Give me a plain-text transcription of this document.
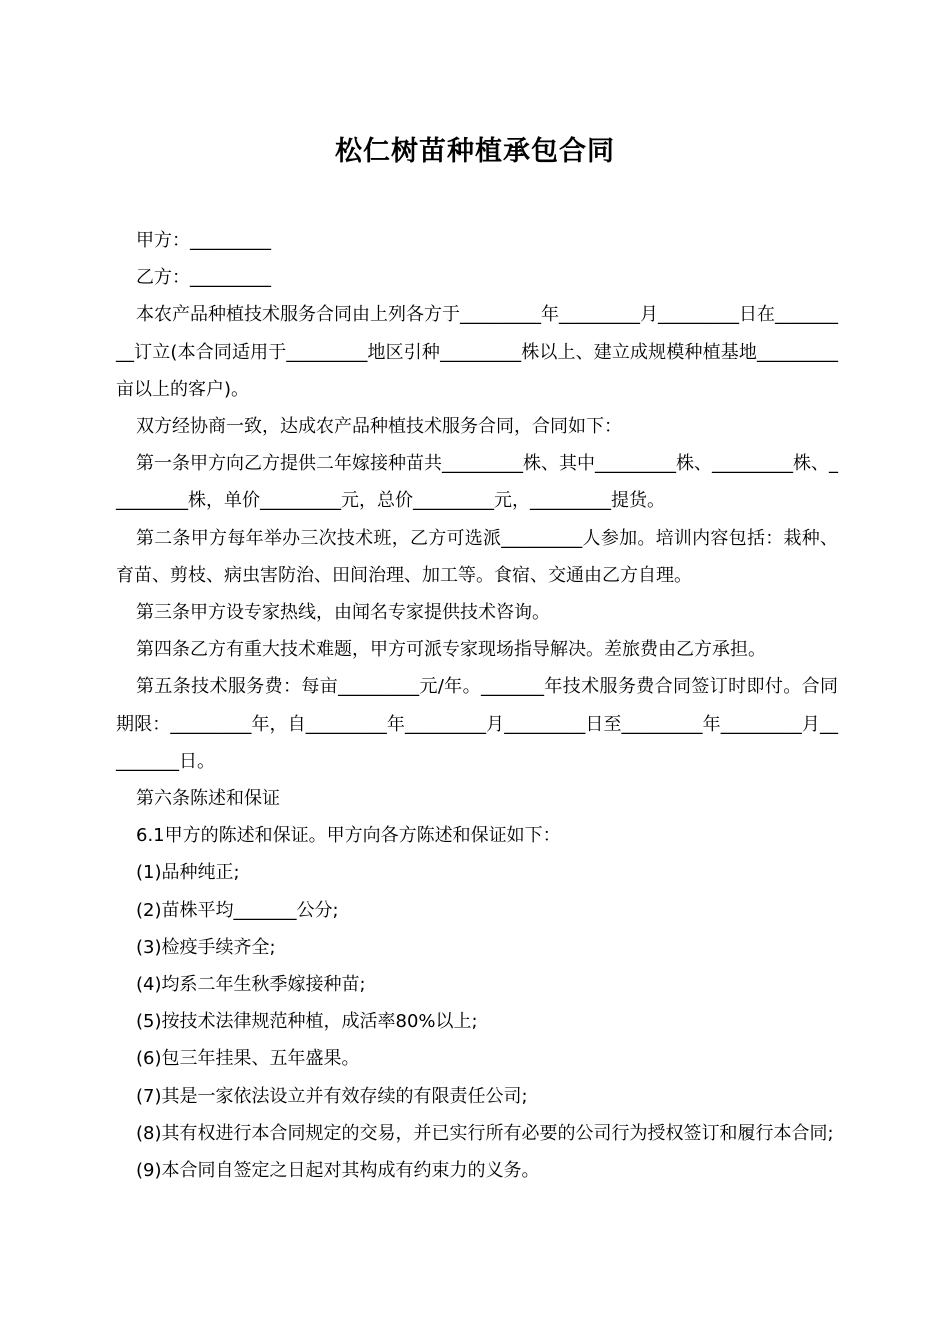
松仁树苗种植承包合同

甲方：_________

乙方：_________

本农产品种植技术服务合同由上列各方于_________年_________月_________日在_________订立(本合同适用于_________地区引种_________株以上、建立成规模种植基地_________亩以上的客户)。

双方经协商一致，达成农产品种植技术服务合同，合同如下：

第一条甲方向乙方提供二年嫁接种苗共_________株、其中_________株、_________株、_________株，单价_________元，总价_________元，_________提货。

第二条甲方每年举办三次技术班，乙方可选派_________人参加。培训内容包括：栽种、育苗、剪枝、病虫害防治、田间治理、加工等。食宿、交通由乙方自理。

第三条甲方设专家热线，由闻名专家提供技术咨询。

第四条乙方有重大技术难题，甲方可派专家现场指导解决。差旅费由乙方承担。

第五条技术服务费：每亩_________元/年。_______年技术服务费合同签订时即付。合同期限：_________年，自_________年_________月_________日至_________年_________月_________日。

第六条陈述和保证

6.1甲方的陈述和保证。甲方向各方陈述和保证如下：

(1)品种纯正;

(2)苗株平均_______公分;

(3)检疫手续齐全;

(4)均系二年生秋季嫁接种苗;

(5)按技术法律规范种植，成活率80%以上;

(6)包三年挂果、五年盛果。

(7)其是一家依法设立并有效存续的有限责任公司;

(8)其有权进行本合同规定的交易，并已实行所有必要的公司行为授权签订和履行本合同;

(9)本合同自签定之日起对其构成有约束力的义务。
